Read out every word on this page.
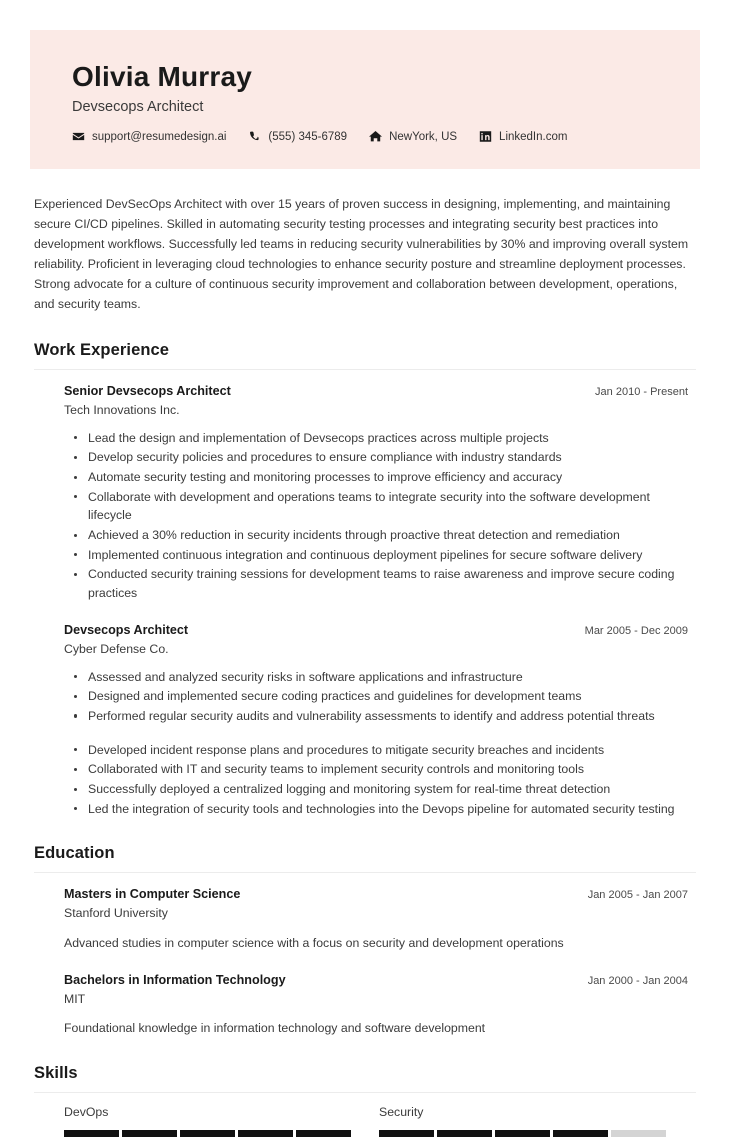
Olivia Murray
Devsecops Architect
support@resumedesign.ai	(555) 345-6789	NewYork, US	LinkedIn.com
Experienced DevSecOps Architect with over 15 years of proven success in designing, implementing, and maintaining secure CI/CD pipelines. Skilled in automating security testing processes and integrating security best practices into development workflows. Successfully led teams in reducing security vulnerabilities by 30% and improving overall system reliability. Proficient in leveraging cloud technologies to enhance security posture and streamline deployment processes. Strong advocate for a culture of continuous security improvement and collaboration between development, operations, and security teams.
Work Experience
Senior Devsecops Architect	Jan 2010 - Present
Tech Innovations Inc.
Lead the design and implementation of Devsecops practices across multiple projects
Develop security policies and procedures to ensure compliance with industry standards
Automate security testing and monitoring processes to improve efficiency and accuracy
Collaborate with development and operations teams to integrate security into the software development lifecycle
Achieved a 30% reduction in security incidents through proactive threat detection and remediation
Implemented continuous integration and continuous deployment pipelines for secure software delivery
Conducted security training sessions for development teams to raise awareness and improve secure coding practices
Devsecops Architect	Mar 2005 - Dec 2009
Cyber Defense Co.
Assessed and analyzed security risks in software applications and infrastructure
Designed and implemented secure coding practices and guidelines for development teams
Performed regular security audits and vulnerability assessments to identify and address potential threats
Developed incident response plans and procedures to mitigate security breaches and incidents
Collaborated with IT and security teams to implement security controls and monitoring tools
Successfully deployed a centralized logging and monitoring system for real-time threat detection
Led the integration of security tools and technologies into the Devops pipeline for automated security testing
Education
Masters in Computer Science	Jan 2005 - Jan 2007
Stanford University
Advanced studies in computer science with a focus on security and development operations
Bachelors in Information Technology	Jan 2000 - Jan 2004
MIT
Foundational knowledge in information technology and software development
Skills
DevOps	Security
